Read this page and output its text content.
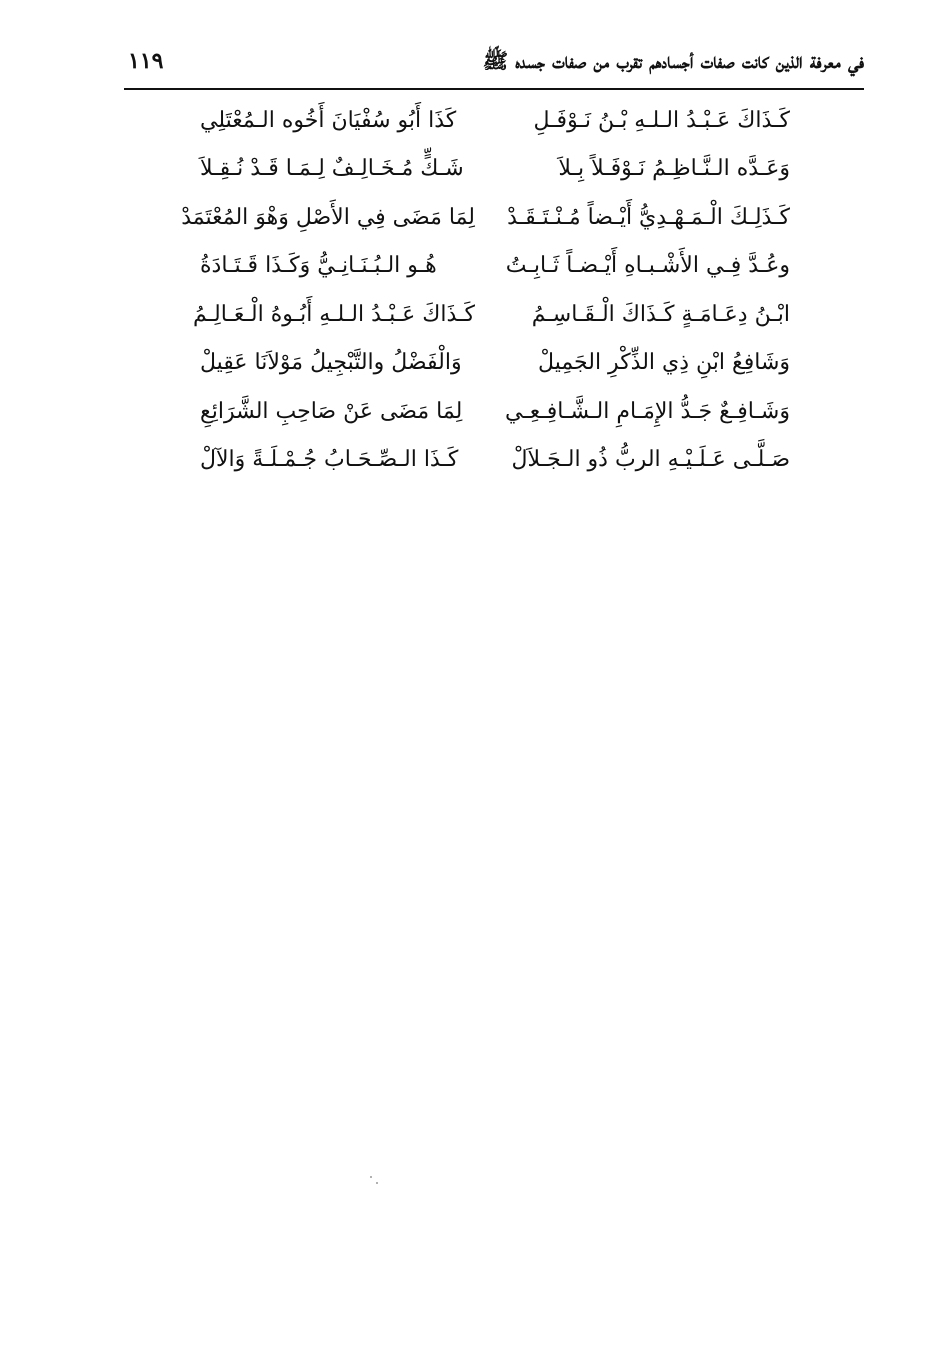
في معرفة الذين كانت صفات أجسادهم تقرب من صفات جسده ﷺ
١١٩
كَـذَاكَ عَـبْـدُ الـلـهِ بْـنُ نَـوْفَـلِ
كَذَا أَبُو سُفْيَانَ أَخُوه الـمُعْتَلِي
وَعَـدَّه الـنَّـاظِـمُ نَـوْفَـلاً بِـلاَ
شَـكٍّ مُـخَـالِـفٌ لِـمَـا قَـدْ نُـقِـلاَ
كَـذَلِـكَ الْـمَـهْـدِيُّ أَيْـضاً مُـنْـتَـقَـدْ
لِمَا مَضَى فِي الأَصْلِ وَهْوَ المُعْتَمَدْ
وعُـدَّ فِـي الأَشْـبـاهِ أَيْـضـاً ثَـابِـتُ
هُـو الـبُـنَـانِـيُّ وَكَـذَا قَـتَـادَةُ
ابْـنُ دِعَـامَـةٍ كَـذَاكَ الْـقَـاسِـمُ
كَـذَاكَ عَـبْـدُ الـلـهِ أَبُـوهُ الْـعَـالِـمُ
وَشَافِعُ ابْنِ ذِي الذِّكْرِ الجَمِيلْ
وَالْفَضْلُ والتَّبْجِيلُ مَوْلاَنَا عَقِيلْ
وَشَـافِـعٌ جَـدُّ الإِمَـامِ الـشَّـافِـعِـي
لِمَا مَضَى عَنْ صَاحِبِ الشَّرَائِعِ
صَـلَّـى عَـلَـيْـهِ الربُّ ذُو الـجَـلاَلْ
كَـذَا الـصِّـحَـابُ جُـمْـلَـةً وَالآلْ
